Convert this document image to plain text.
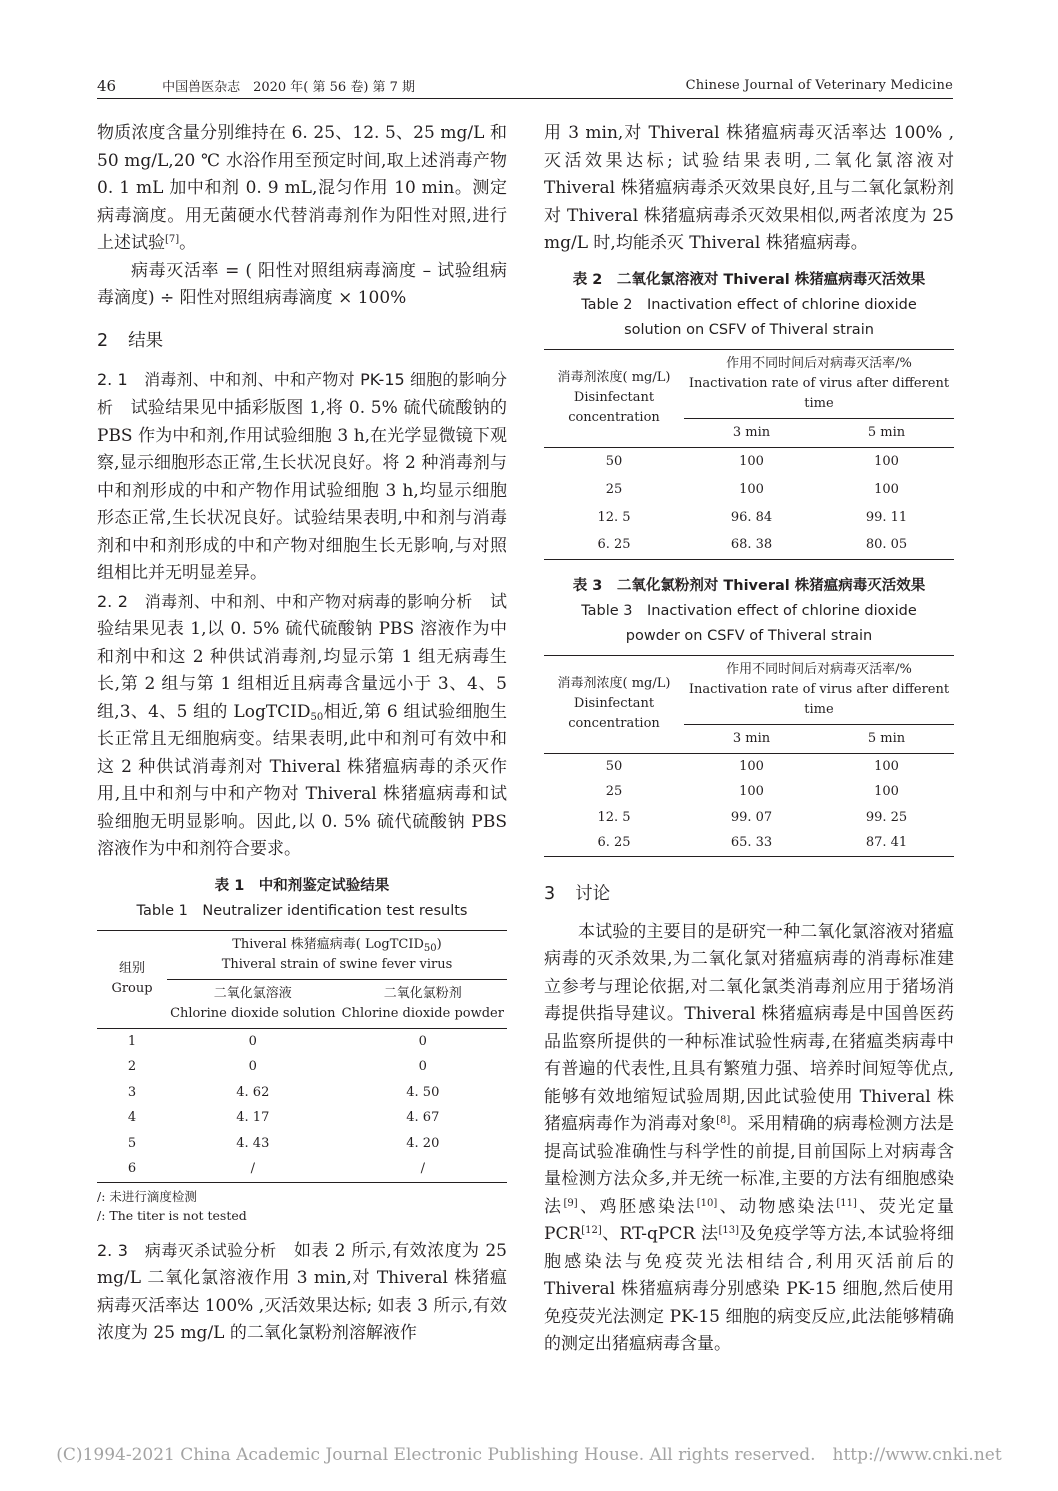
46	中国兽医杂志　2020 年( 第 56 卷) 第 7 期	Chinese Journal of Veterinary Medicine

物质浓度含量分别维持在 6. 25、12. 5、25 mg/L 和 50 mg/L,20 ℃ 水浴作用至预定时间,取上述消毒产物0. 1 mL 加中和剂 0. 9 mL,混匀作用 10 min。测定病毒滴度。用无菌硬水代替消毒剂作为阳性对照,进行上述试验[7]。

病毒灭活率 = ( 阳性对照组病毒滴度 – 试验组病毒滴度) ÷ 阳性对照组病毒滴度 × 100%

2 结果

2. 1　消毒剂、中和剂、中和产物对 PK-15 细胞的影响分析　试验结果见中插彩版图 1,将 0. 5% 硫代硫酸钠的 PBS 作为中和剂,作用试验细胞 3 h,在光学显微镜下观察,显示细胞形态正常,生长状况良好。将 2 种消毒剂与中和剂形成的中和产物作用试验细胞 3 h,均显示细胞形态正常,生长状况良好。试验结果表明,中和剂与消毒剂和中和剂形成的中和产物对细胞生长无影响,与对照组相比并无明显差异。

2. 2　消毒剂、中和剂、中和产物对病毒的影响分析　试验结果见表 1,以 0. 5% 硫代硫酸钠 PBS 溶液作为中和剂中和这 2 种供试消毒剂,均显示第 1 组无病毒生长,第 2 组与第 1 组相近且病毒含量远小于 3、4、5 组,3、4、5 组的 LogTCID$_{50}$相近,第 6 组试验细胞生长正常且无细胞病变。结果表明,此中和剂可有效中和这 2 种供试消毒剂对 Thiveral 株猪瘟病毒的杀灭作用,且中和剂与中和产物对 Thiveral 株猪瘟病毒和试验细胞无明显影响。因此,以 0. 5% 硫代硫酸钠 PBS 溶液作为中和剂符合要求。

表 1　中和剂鉴定试验结果
Table 1　Neutralizer identification test results
组别
Group	Thiveral 株猪瘟病毒( LogTCID$_{50}$)
Thiveral strain of swine fever virus	
	二氧化氯溶液
Chlorine dioxide solution	二氧化氯粉剂
Chlorine dioxide powder
1	0	0
2	0	0
3	4. 62	4. 50
4	4. 17	4. 67
5	4. 43	4. 20
6	/	/
/: 未进行滴度检测
/: The titer is not tested

2. 3　病毒灭杀试验分析　如表 2 所示,有效浓度为 25 mg/L 二氧化氯溶液作用 3 min,对 Thiveral 株猪瘟病毒灭活率达 100% ,灭活效果达标; 如表 3 所示,有效浓度为 25 mg/L 的二氧化氯粉剂溶解液作

用 3 min,对 Thiveral 株猪瘟病毒灭活率达 100% ,灭活效果达标; 试验结果表明,二氧化氯溶液对 Thiveral 株猪瘟病毒杀灭效果良好,且与二氧化氯粉剂对 Thiveral 株猪瘟病毒杀灭效果相似,两者浓度为 25 mg/L 时,均能杀灭 Thiveral 株猪瘟病毒。

表 2　二氧化氯溶液对 Thiveral 株猪瘟病毒灭活效果
Table 2　Inactivation effect of chlorine dioxide
solution on CSFV of Thiveral strain
消毒剂浓度( mg/L)
Disinfectant
concentration	作用不同时间后对病毒灭活率/%
Inactivation rate of virus after different time	
	3 min	5 min
50	100	100
25	100	100
12. 5	96. 84	99. 11
6. 25	68. 38	80. 05
表 3　二氧化氯粉剂对 Thiveral 株猪瘟病毒灭活效果
Table 3　Inactivation effect of chlorine dioxide
powder on CSFV of Thiveral strain
消毒剂浓度( mg/L)
Disinfectant
concentration	作用不同时间后对病毒灭活率/%
Inactivation rate of virus after different time	
	3 min	5 min
50	100	100
25	100	100
12. 5	99. 07	99. 25
6. 25	65. 33	87. 41
3 讨论

本试验的主要目的是研究一种二氧化氯溶液对猪瘟病毒的灭杀效果,为二氧化氯对猪瘟病毒的消毒标准建立参考与理论依据,对二氧化氯类消毒剂应用于猪场消毒提供指导建议。Thiveral 株猪瘟病毒是中国兽医药品监察所提供的一种标准试验性病毒,在猪瘟类病毒中有普遍的代表性,且具有繁殖力强、培养时间短等优点,能够有效地缩短试验周期,因此试验使用 Thiveral 株猪瘟病毒作为消毒对象[8]。采用精确的病毒检测方法是提高试验准确性与科学性的前提,目前国际上对病毒含量检测方法众多,并无统一标准,主要的方法有细胞感染法[9]、鸡胚感染法[10]、动物感染法[11]、荧光定量 PCR[12]、RT-qPCR 法[13]及免疫学等方法,本试验将细胞感染法与免疫荧光法相结合,利用灭活前后的 Thiveral 株猪瘟病毒分别感染 PK-15 细胞,然后使用免疫荧光法测定 PK-15 细胞的病变反应,此法能够精确的测定出猪瘟病毒含量。

(C)1994-2021 China Academic Journal Electronic Publishing House. All rights reserved.　http://www.cnki.net
